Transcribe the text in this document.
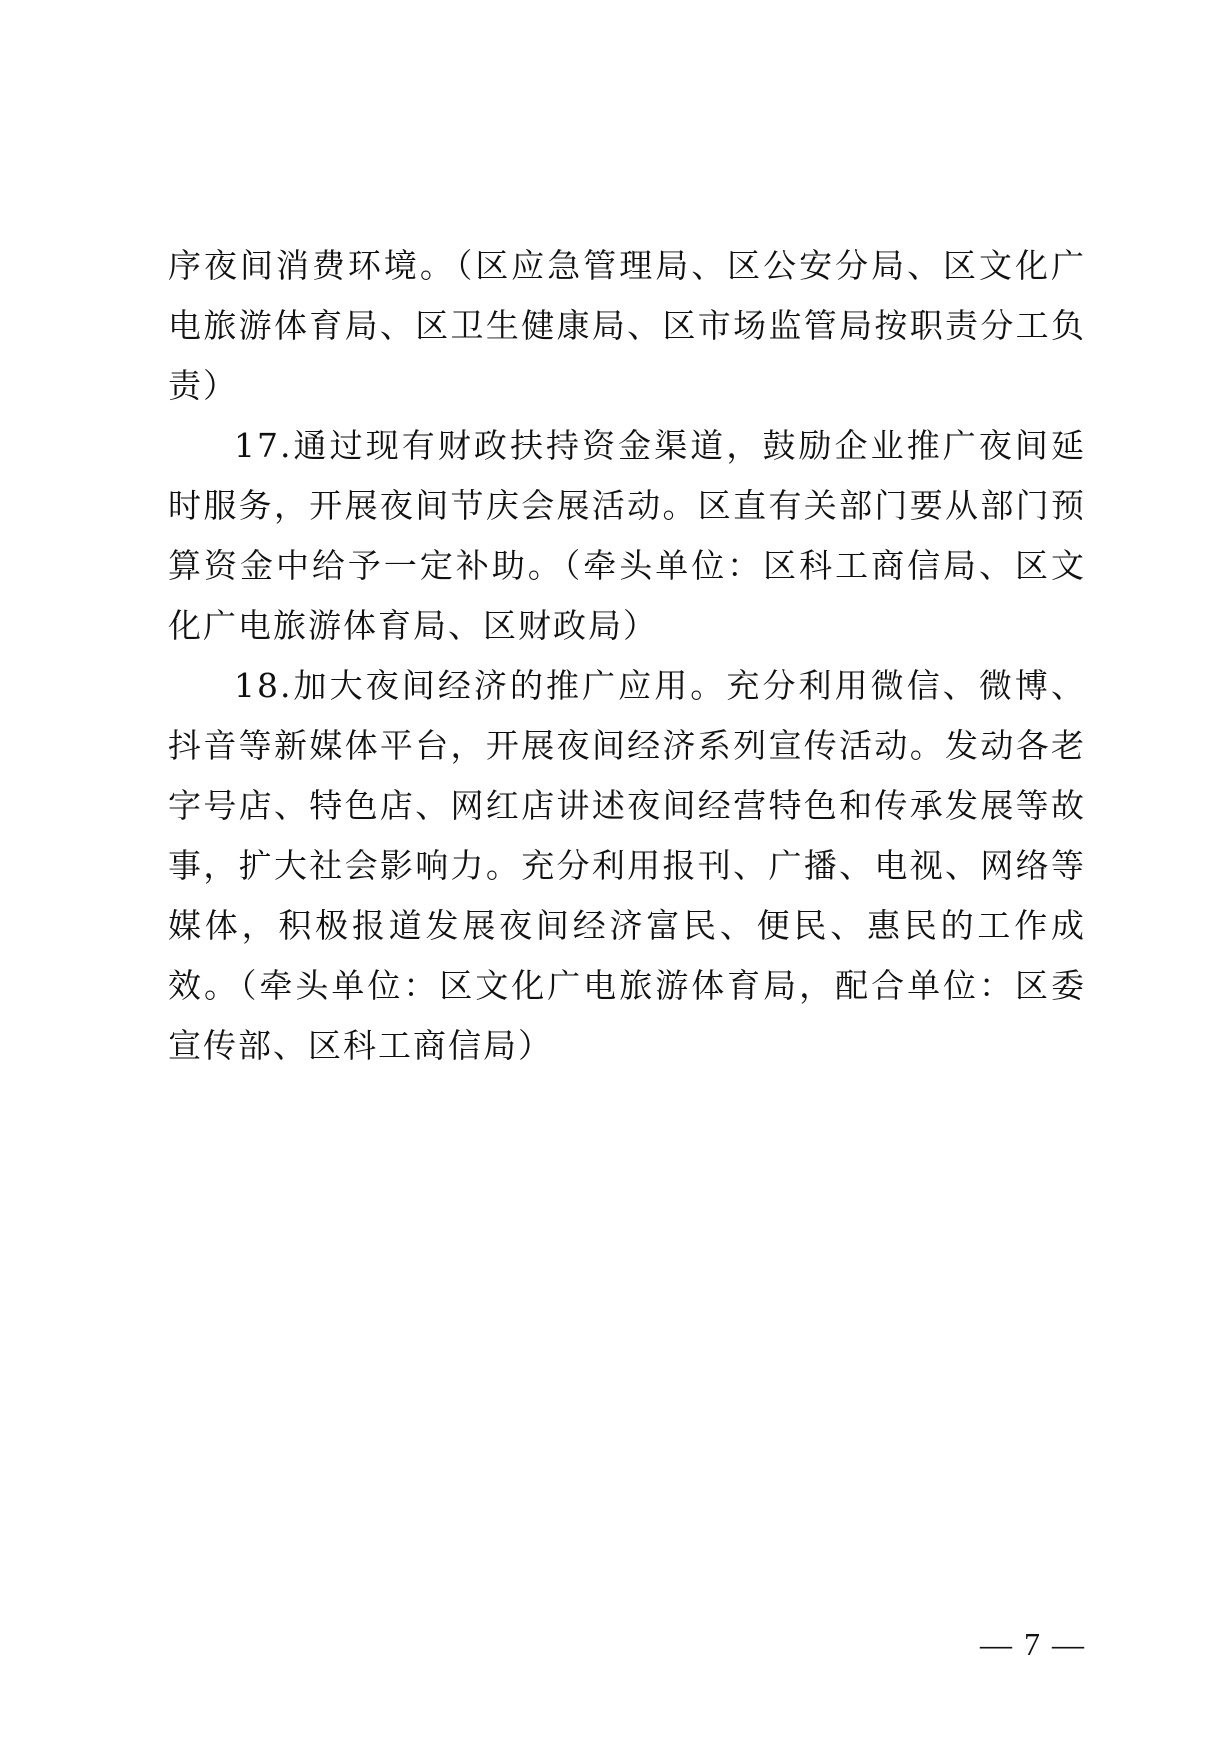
序夜间消费环境。（区应急管理局、区公安分局、区文化广电旅游体育局、区卫生健康局、区市场监管局按职责分工负责）

17.通过现有财政扶持资金渠道，鼓励企业推广夜间延时服务，开展夜间节庆会展活动。区直有关部门要从部门预算资金中给予一定补助。（牵头单位：区科工商信局、区文化广电旅游体育局、区财政局）

18.加大夜间经济的推广应用。充分利用微信、微博、抖音等新媒体平台，开展夜间经济系列宣传活动。发动各老字号店、特色店、网红店讲述夜间经营特色和传承发展等故事，扩大社会影响力。充分利用报刊、广播、电视、网络等媒体，积极报道发展夜间经济富民、便民、惠民的工作成效。（牵头单位：区文化广电旅游体育局，配合单位：区委宣传部、区科工商信局）

— 7 —
